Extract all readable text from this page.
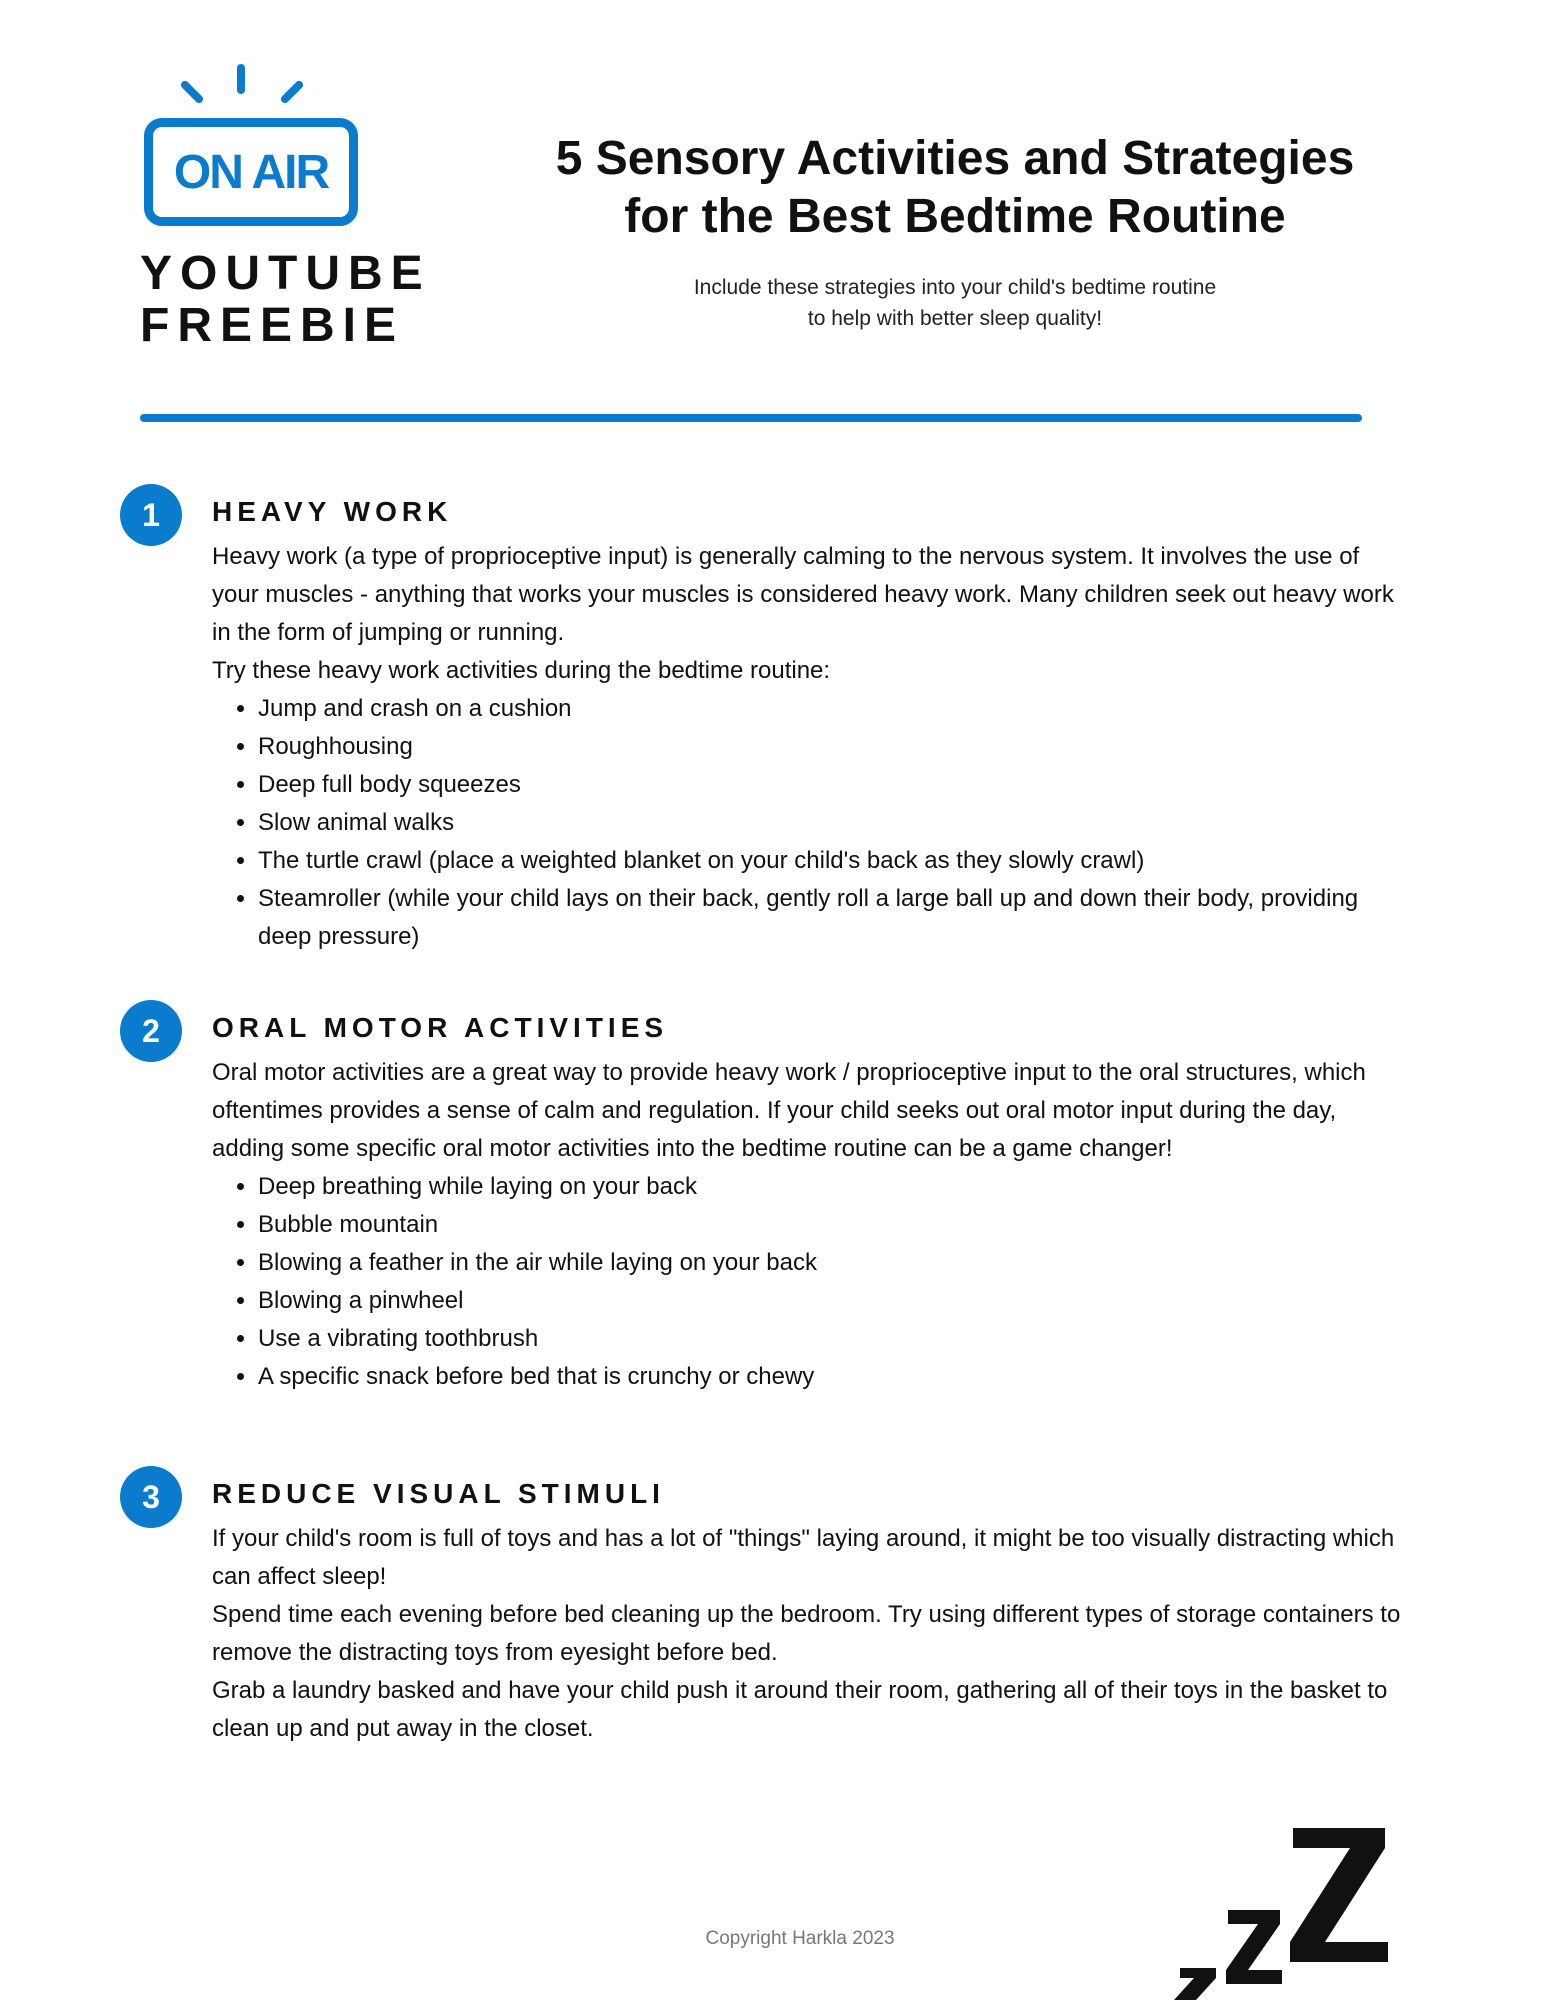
ON AIR
YOUTUBE
FREEBIE
5 Sensory Activities and Strategies
for the Best Bedtime Routine
Include these strategies into your child's bedtime routine
to help with better sleep quality!
1	HEAVY WORK

Heavy work (a type of proprioceptive input) is generally calming to the nervous system. It involves the use of your muscles - anything that works your muscles is considered heavy work. Many children seek out heavy work in the form of jumping or running.

Try these heavy work activities during the bedtime routine:

• Jump and crash on a cushion
• Roughhousing
• Deep full body squeezes
• Slow animal walks
• The turtle crawl (place a weighted blanket on your child's back as they slowly crawl)
• Steamroller (while your child lays on their back, gently roll a large ball up and down their body, providing deep pressure)
2	ORAL MOTOR ACTIVITIES

Oral motor activities are a great way to provide heavy work / proprioceptive input to the oral structures, which oftentimes provides a sense of calm and regulation. If your child seeks out oral motor input during the day, adding some specific oral motor activities into the bedtime routine can be a game changer!

• Deep breathing while laying on your back
• Bubble mountain
• Blowing a feather in the air while laying on your back
• Blowing a pinwheel
• Use a vibrating toothbrush
• A specific snack before bed that is crunchy or chewy
3	REDUCE VISUAL STIMULI

If your child's room is full of toys and has a lot of "things" laying around, it might be too visually distracting which can affect sleep!

Spend time each evening before bed cleaning up the bedroom. Try using different types of storage containers to remove the distracting toys from eyesight before bed.

Grab a laundry basked and have your child push it around their room, gathering all of their toys in the basket to clean up and put away in the closet.

Copyright Harkla 2023
